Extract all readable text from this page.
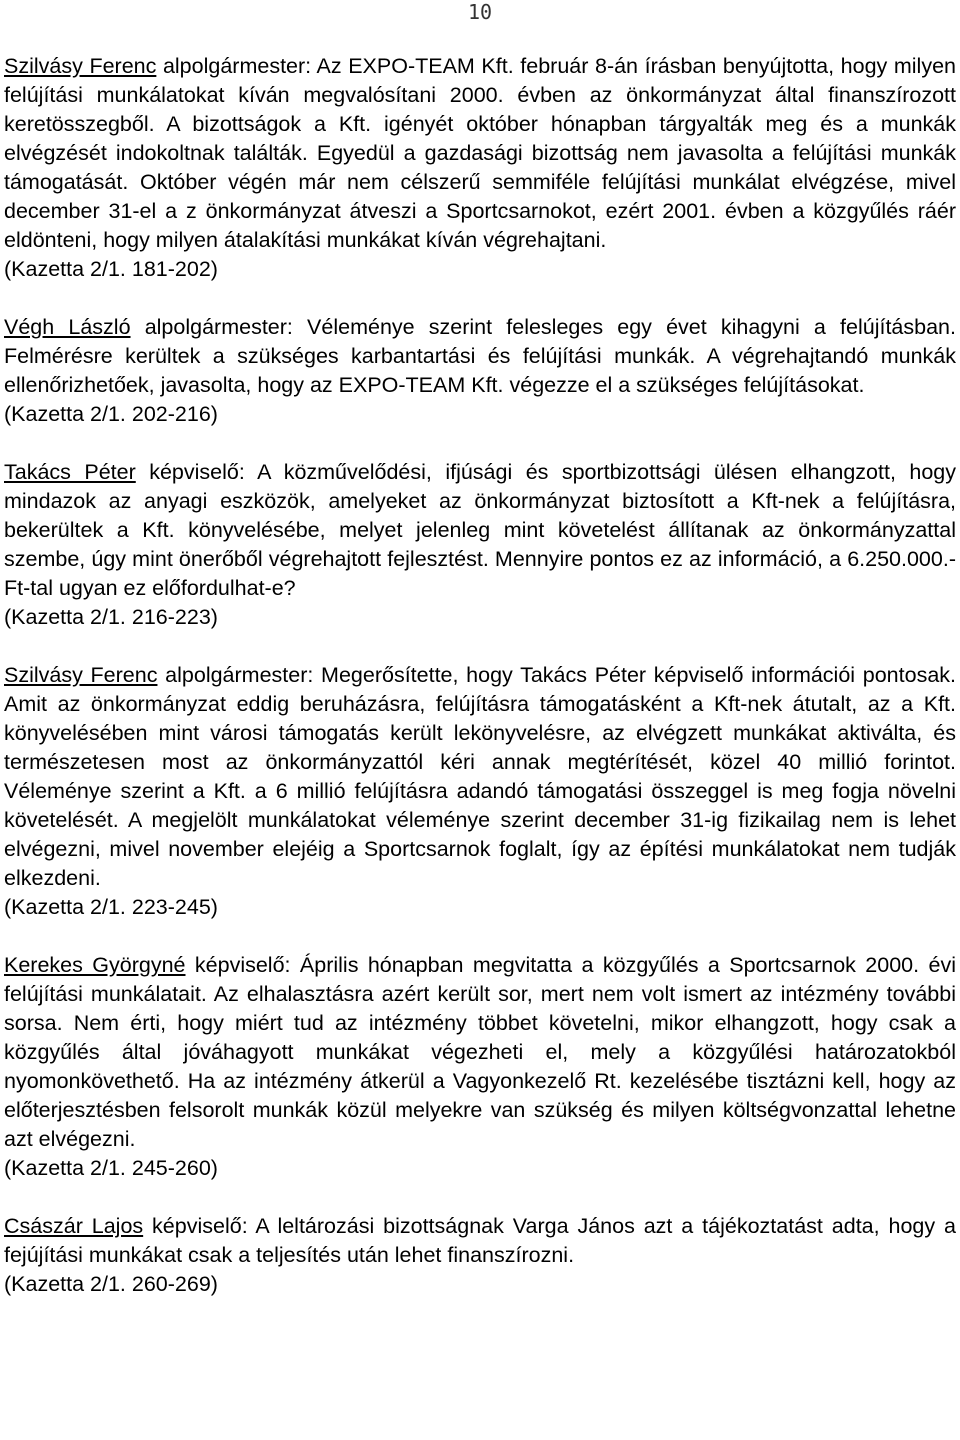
10
Szilvásy Ferenc alpolgármester: Az EXPO-TEAM Kft. február 8-án írásban benyújtotta, hogy milyen felújítási munkálatokat kíván megvalósítani 2000. évben az önkormányzat által finanszírozott keretösszegből. A bizottságok a Kft. igényét október hónapban tárgyalták meg és a munkák elvégzését indokoltnak találták. Egyedül a gazdasági bizottság nem javasolta a felújítási munkák támogatását. Október végén már nem célszerű semmiféle felújítási munkálat elvégzése, mivel december 31-el a z önkormányzat átveszi a Sportcsarnokot, ezért 2001. évben a közgyűlés ráér eldönteni, hogy milyen átalakítási munkákat kíván végrehajtani.
(Kazetta 2/1. 181-202)
Végh László alpolgármester: Véleménye szerint felesleges egy évet kihagyni a felújításban. Felmérésre kerültek a szükséges karbantartási és felújítási munkák. A végrehajtandó munkák ellenőrizhetőek, javasolta, hogy az EXPO-TEAM Kft. végezze el a szükséges felújításokat.
(Kazetta 2/1. 202-216)
Takács Péter képviselő: A közművelődési, ifjúsági és sportbizottsági ülésen elhangzott, hogy mindazok az anyagi eszközök, amelyeket az önkormányzat biztosított a Kft-nek a felújításra, bekerültek a Kft. könyvelésébe, melyet jelenleg mint követelést állítanak az önkormányzattal szembe, úgy mint önerőből végrehajtott fejlesztést. Mennyire pontos ez az információ, a 6.250.000.- Ft-tal ugyan ez előfordulhat-e?
(Kazetta 2/1. 216-223)
Szilvásy Ferenc alpolgármester: Megerősítette, hogy Takács Péter képviselő információi pontosak. Amit az önkormányzat eddig beruházásra, felújításra támogatásként a Kft-nek átutalt, az a Kft. könyvelésében mint városi támogatás került lekönyvelésre, az elvégzett munkákat aktiválta, és természetesen most az önkormányzattól kéri annak megtérítését, közel 40 millió forintot. Véleménye szerint a Kft. a 6 millió felújításra adandó támogatási összeggel is meg fogja növelni követelését. A megjelölt munkálatokat véleménye szerint december 31-ig fizikailag nem is lehet elvégezni, mivel november elejéig a Sportcsarnok foglalt, így az építési munkálatokat nem tudják elkezdeni.
(Kazetta 2/1. 223-245)
Kerekes Györgyné képviselő: Április hónapban megvitatta a közgyűlés a Sportcsarnok 2000. évi felújítási munkálatait. Az elhalasztásra azért került sor, mert nem volt ismert az intézmény további sorsa. Nem érti, hogy miért tud az intézmény többet követelni, mikor elhangzott, hogy csak a közgyűlés által jóváhagyott munkákat végezheti el, mely a közgyűlési határozatokból nyomonkövethető. Ha az intézmény átkerül a Vagyonkezelő Rt. kezelésébe tisztázni kell, hogy az előterjesztésben felsorolt munkák közül melyekre van szükség és milyen költségvonzattal lehetne azt elvégezni.
(Kazetta 2/1. 245-260)
Császár Lajos képviselő: A leltározási bizottságnak Varga János azt a tájékoztatást adta, hogy a fejújítási munkákat csak a teljesítés után lehet finanszírozni.
(Kazetta 2/1. 260-269)
